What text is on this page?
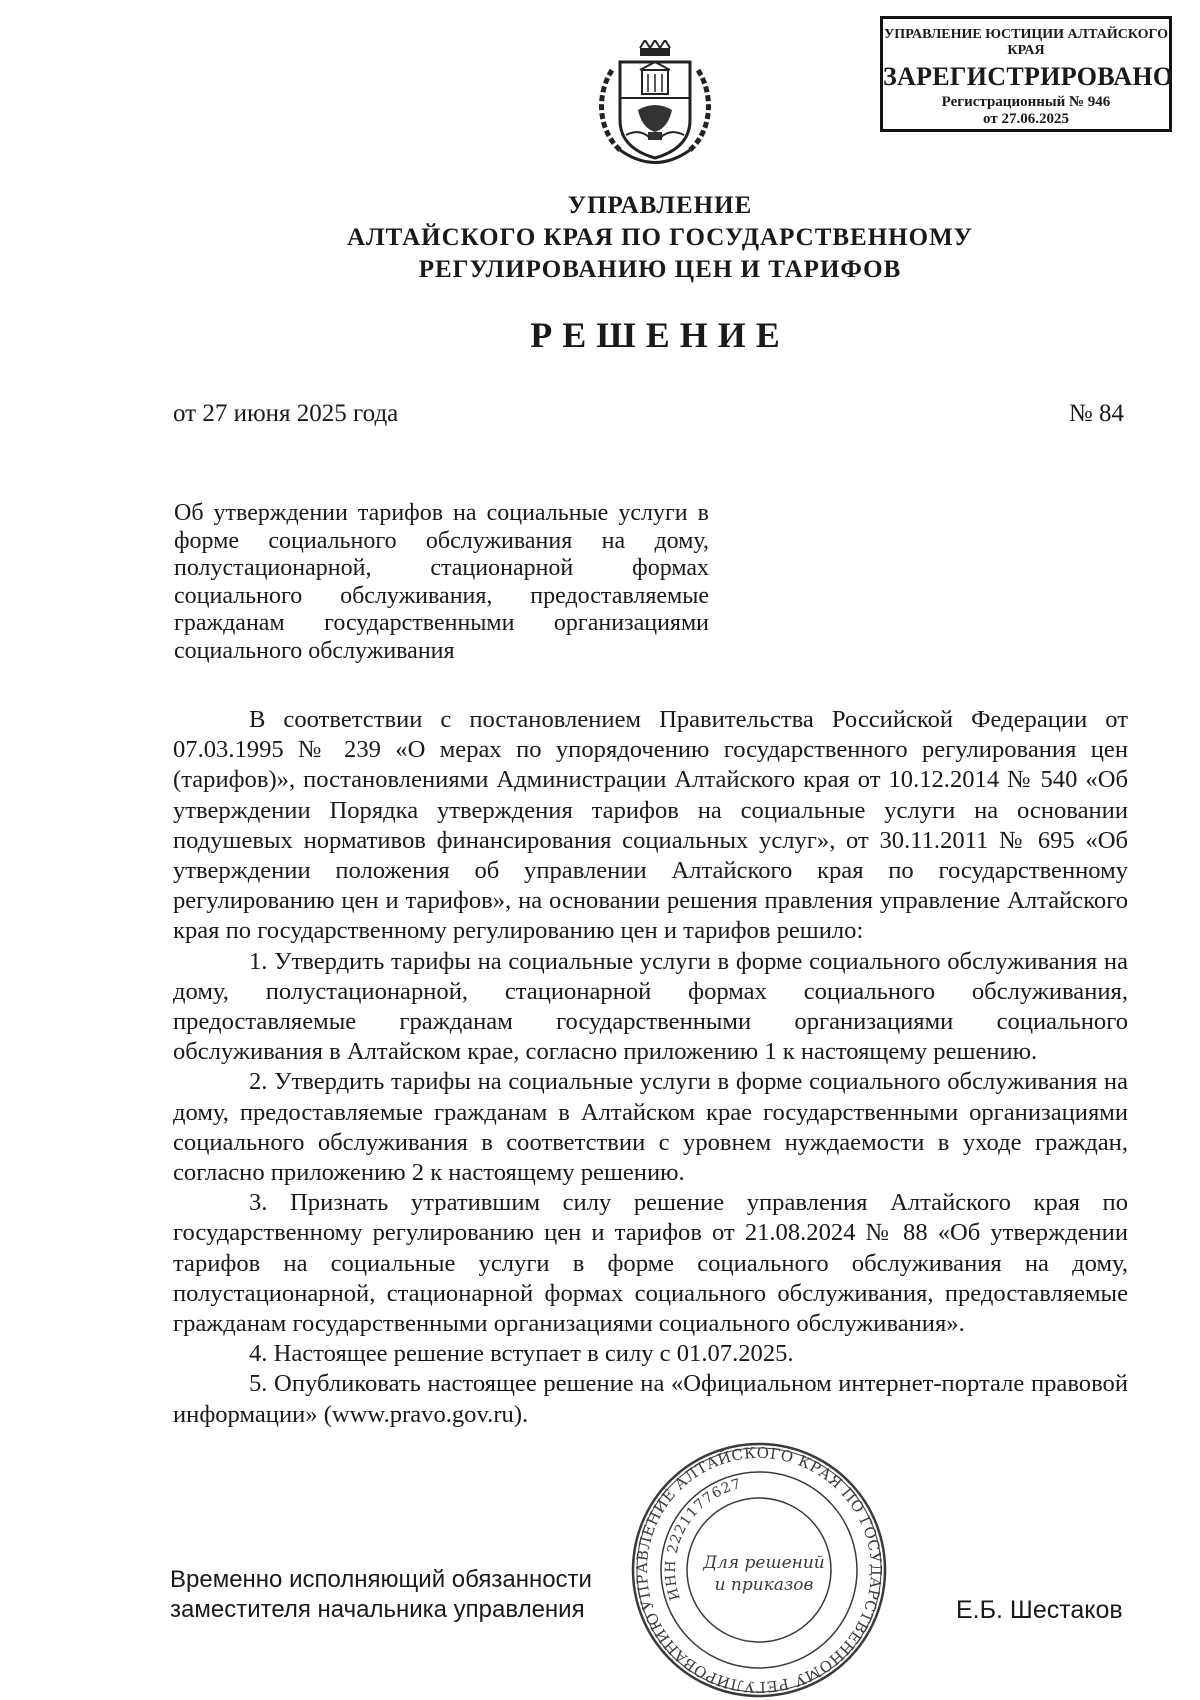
УПРАВЛЕНИЕ ЮСТИЦИИ АЛТАЙСКОГО КРАЯ
ЗАРЕГИСТРИРОВАНО
Регистрационный № 946
от 27.06.2025
УПРАВЛЕНИЕ
АЛТАЙСКОГО КРАЯ ПО ГОСУДАРСТВЕННОМУ
РЕГУЛИРОВАНИЮ ЦЕН И ТАРИФОВ
РЕШЕНИЕ
от 27 июня 2025 года	№ 84
Об утверждении тарифов на социальные услуги в форме социального обслуживания на дому, полустационарной, стационарной формах социального обслуживания, предоставляемые гражданам государственными организациями социального обслуживания

В соответствии с постановлением Правительства Российской Федерации от 07.03.1995 № 239 «О мерах по упорядочению государственного регулирования цен (тарифов)», постановлениями Администрации Алтайского края от 10.12.2014 № 540 «Об утверждении Порядка утверждения тарифов на социальные услуги на основании подушевых нормативов финансирования социальных услуг», от 30.11.2011 № 695 «Об утверждении положения об управлении Алтайского края по государственному регулированию цен и тарифов», на основании решения правления управление Алтайского края по государственному регулированию цен и тарифов решило:

1. Утвердить тарифы на социальные услуги в форме социального обслуживания на дому, полустационарной, стационарной формах социального обслуживания, предоставляемые гражданам государственными организациями социального обслуживания в Алтайском крае, согласно приложению 1 к настоящему решению.

2. Утвердить тарифы на социальные услуги в форме социального обслуживания на дому, предоставляемые гражданам в Алтайском крае государственными организациями социального обслуживания в соответствии с уровнем нуждаемости в уходе граждан, согласно приложению 2 к настоящему решению.

3. Признать утратившим силу решение управления Алтайского края по государственному регулированию цен и тарифов от 21.08.2024 № 88 «Об утверждении тарифов на социальные услуги в форме социального обслуживания на дому, полустационарной, стационарной формах социального обслуживания, предоставляемые гражданам государственными организациями социального обслуживания».

4. Настоящее решение вступает в силу с 01.07.2025.

5. Опубликовать настоящее решение на «Официальном интернет-портале правовой информации» (www.pravo.gov.ru).

Временно исполняющий обязанности
заместителя начальника управления	Е.Б. Шестаков
УПРАВЛЕНИЕ АЛТАЙСКОГО КРАЯ ПО ГОСУДАРСТВЕННОМУ РЕГУЛИРОВАНИЮ
ИНН 2221177627
Для решений
и приказов
